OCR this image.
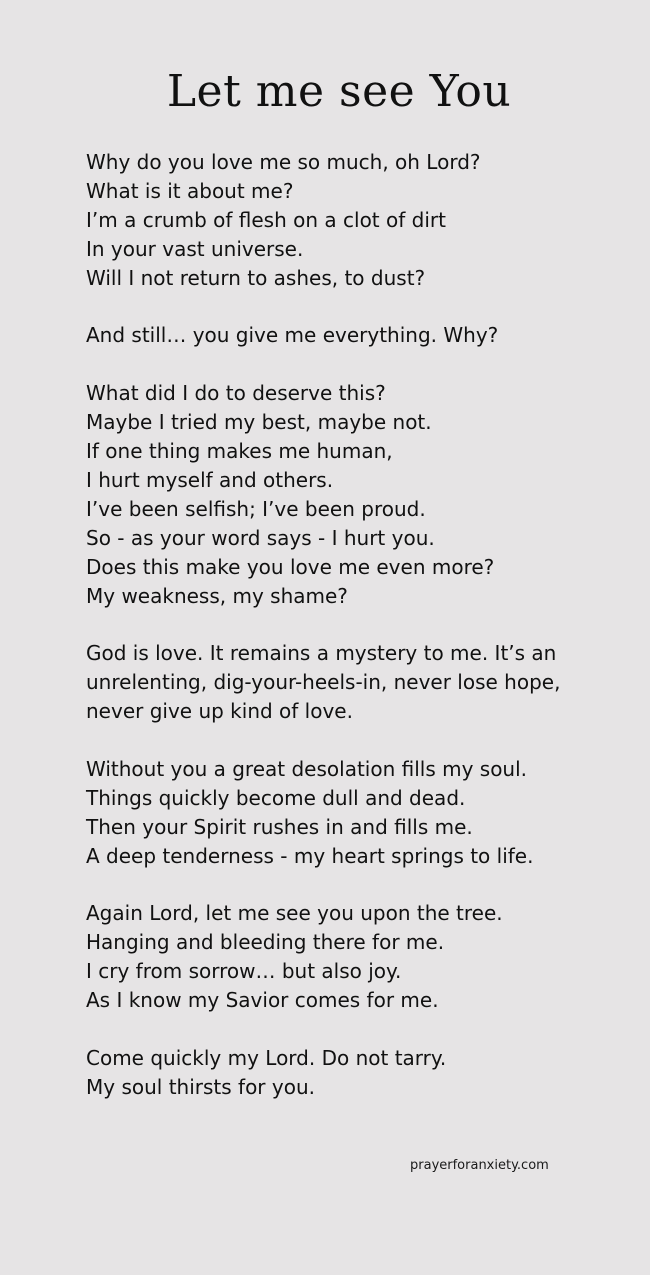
Let me see You
Why do you love me so much, oh Lord?
What is it about me?
I’m a crumb of flesh on a clot of dirt
In your vast universe.
Will I not return to ashes, to dust?
And still… you give me everything. Why?
What did I do to deserve this?
Maybe I tried my best, maybe not.
If one thing makes me human,
I hurt myself and others.
I’ve been selfish; I’ve been proud.
So - as your word says - I hurt you.
Does this make you love me even more?
My weakness, my shame?
God is love. It remains a mystery to me. It’s an
unrelenting, dig-your-heels-in, never lose hope,
never give up kind of love.
Without you a great desolation fills my soul.
Things quickly become dull and dead.
Then your Spirit rushes in and fills me.
A deep tenderness - my heart springs to life.
Again Lord, let me see you upon the tree.
Hanging and bleeding there for me.
I cry from sorrow… but also joy.
As I know my Savior comes for me.
Come quickly my Lord. Do not tarry.
My soul thirsts for you.
prayerforanxiety.com
